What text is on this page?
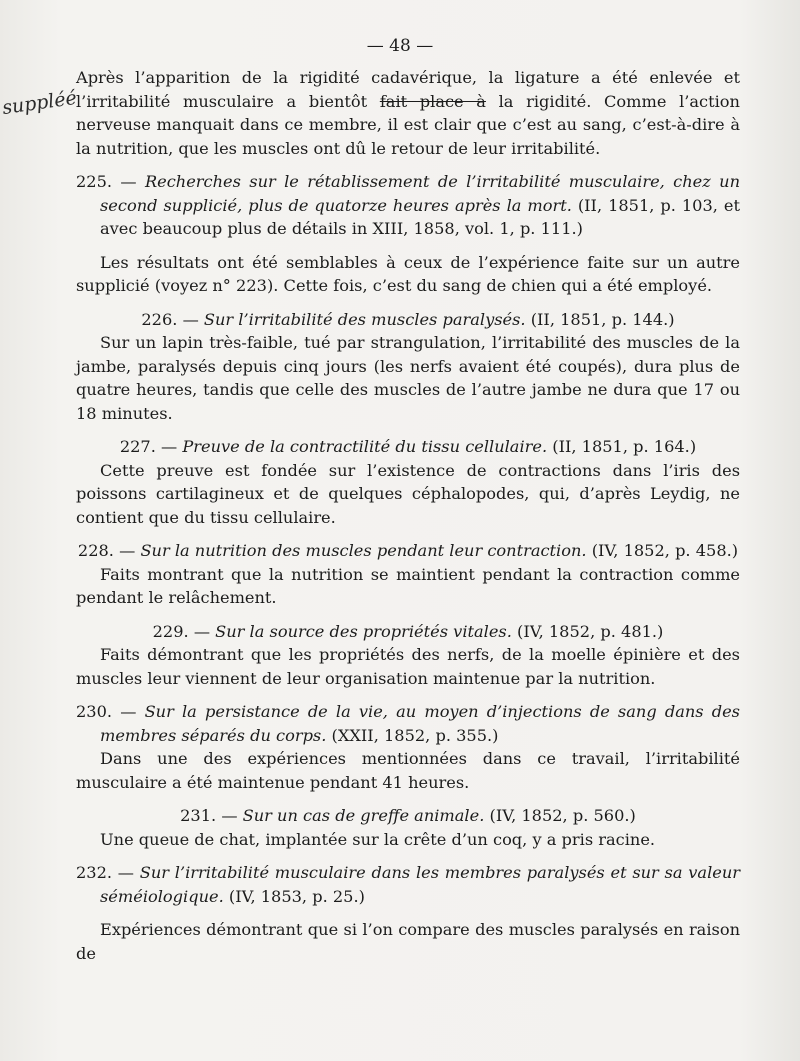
suppléé
— 48 —

Après l’apparition de la rigidité cadavérique, la ligature a été enlevée et l’irritabilité musculaire a bientôt fait place à la rigidité. Comme l’action nerveuse manquait dans ce membre, il est clair que c’est au sang, c’est-à-dire à la nutrition, que les muscles ont dû le retour de leur irritabilité.

225. — Recherches sur le rétablissement de l’irritabilité musculaire, chez un second supplicié, plus de quatorze heures après la mort. (II, 1851, p. 103, et avec beaucoup plus de détails in XIII, 1858, vol. 1, p. 111.)

Les résultats ont été semblables à ceux de l’expérience faite sur un autre supplicié (voyez n° 223). Cette fois, c’est du sang de chien qui a été employé.

226. — Sur l’irritabilité des muscles paralysés. (II, 1851, p. 144.)

Sur un lapin très-faible, tué par strangulation, l’irritabilité des muscles de la jambe, paralysés depuis cinq jours (les nerfs avaient été coupés), dura plus de quatre heures, tandis que celle des muscles de l’autre jambe ne dura que 17 ou 18 minutes.

227. — Preuve de la contractilité du tissu cellulaire. (II, 1851, p. 164.)

Cette preuve est fondée sur l’existence de contractions dans l’iris des poissons cartilagineux et de quelques céphalopodes, qui, d’après Leydig, ne contient que du tissu cellulaire.

228. — Sur la nutrition des muscles pendant leur contraction. (IV, 1852, p. 458.)

Faits montrant que la nutrition se maintient pendant la contraction comme pendant le relâchement.

229. — Sur la source des propriétés vitales. (IV, 1852, p. 481.)

Faits démontrant que les propriétés des nerfs, de la moelle épinière et des muscles leur viennent de leur organisation maintenue par la nutrition.

230. — Sur la persistance de la vie, au moyen d’injections de sang dans des membres séparés du corps. (XXII, 1852, p. 355.)

Dans une des expériences mentionnées dans ce travail, l’irritabilité musculaire a été maintenue pendant 41 heures.

231. — Sur un cas de greffe animale. (IV, 1852, p. 560.)

Une queue de chat, implantée sur la crête d’un coq, y a pris racine.

232. — Sur l’irritabilité musculaire dans les membres paralysés et sur sa valeur séméiologique. (IV, 1853, p. 25.)

Expériences démontrant que si l’on compare des muscles paralysés en raison de
